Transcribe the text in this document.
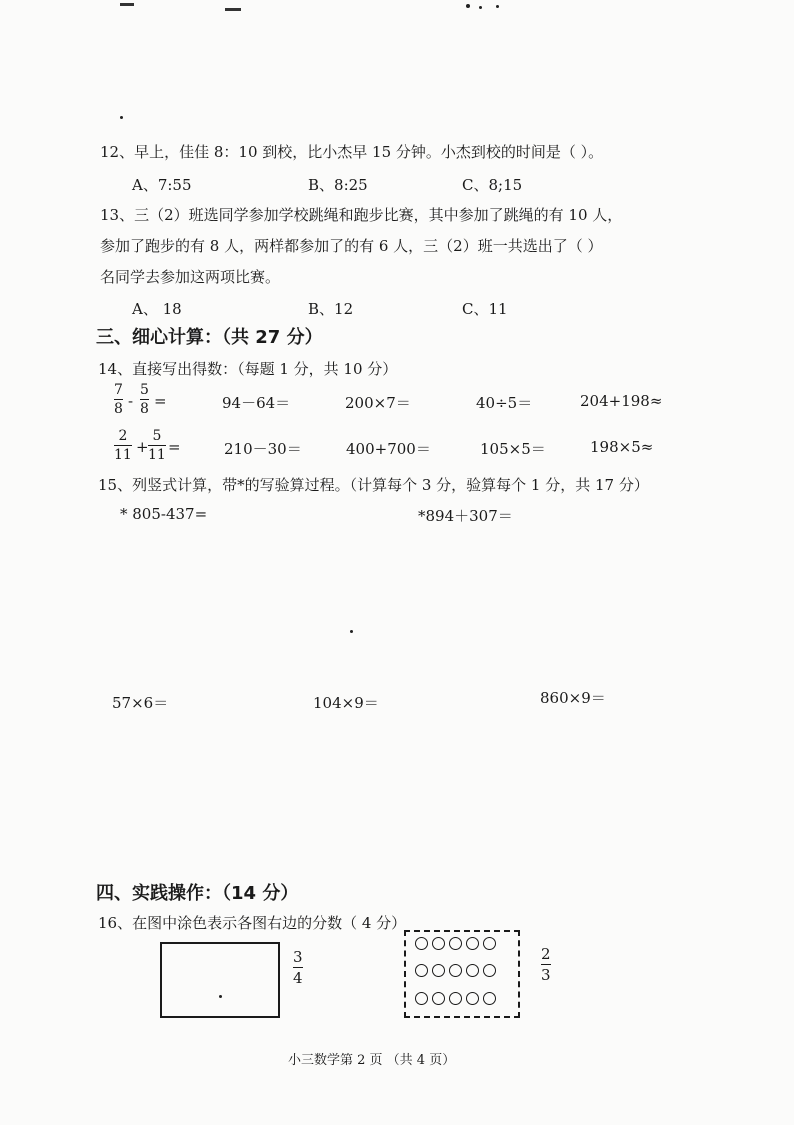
12、早上，佳佳 8：10 到校，比小杰早 15 分钟。小杰到校的时间是（ ）。
A、7:55	B、8:25	C、8;15
13、三（2）班选同学参加学校跳绳和跑步比赛，其中参加了跳绳的有 10 人，
参加了跑步的有 8 人，两样都参加了的有 6 人，三（2）班一共选出了（ ）
名同学去参加这两项比赛。
A、 18	B、12	C、11
三、细心计算：（共 27 分）
14、直接写出得数：（每题 1 分，共 10 分）
7
8 -
5
8 =	94－64＝	200×7＝	40÷5＝	204+198≈
2
11 +
5
11 =	210－30＝	400+700＝	105×5＝	198×5≈
15、列竖式计算，带*的写验算过程。（计算每个 3 分，验算每个 1 分，共 17 分）
* 805-437=	*894＋307＝
57×6＝	104×9＝	860×9＝
四、实践操作：（14 分）
16、在图中涂色表示各图右边的分数（ 4 分）
3
4
2
3
小三数学第 2 页 （共 4 页）
